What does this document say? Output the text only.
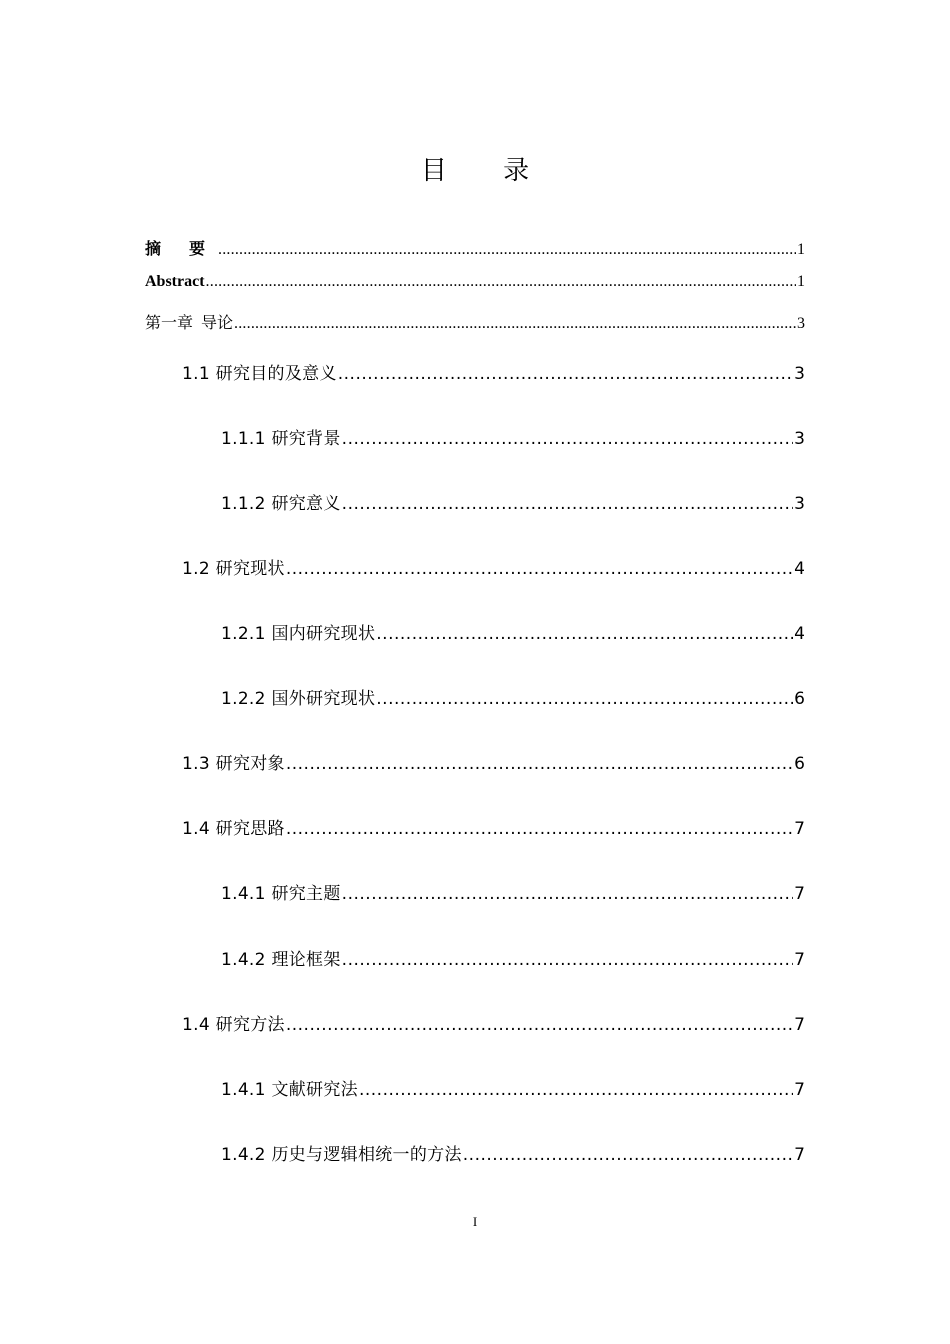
目 录
摘 要 .....	1
Abstract .....	1
第一章  导论 .....	3
1.1 研究目的及意义 .....	3
1.1.1 研究背景 .....	3
1.1.2 研究意义 .....	3
1.2 研究现状 .....	4
1.2.1 国内研究现状 .....	4
1.2.2 国外研究现状 .....	6
1.3 研究对象 .....	6
1.4 研究思路 .....	7
1.4.1 研究主题 .....	7
1.4.2 理论框架 .....	7
1.4 研究方法 .....	7
1.4.1 文献研究法 .....	7
1.4.2 历史与逻辑相统一的方法 .....	7
I
